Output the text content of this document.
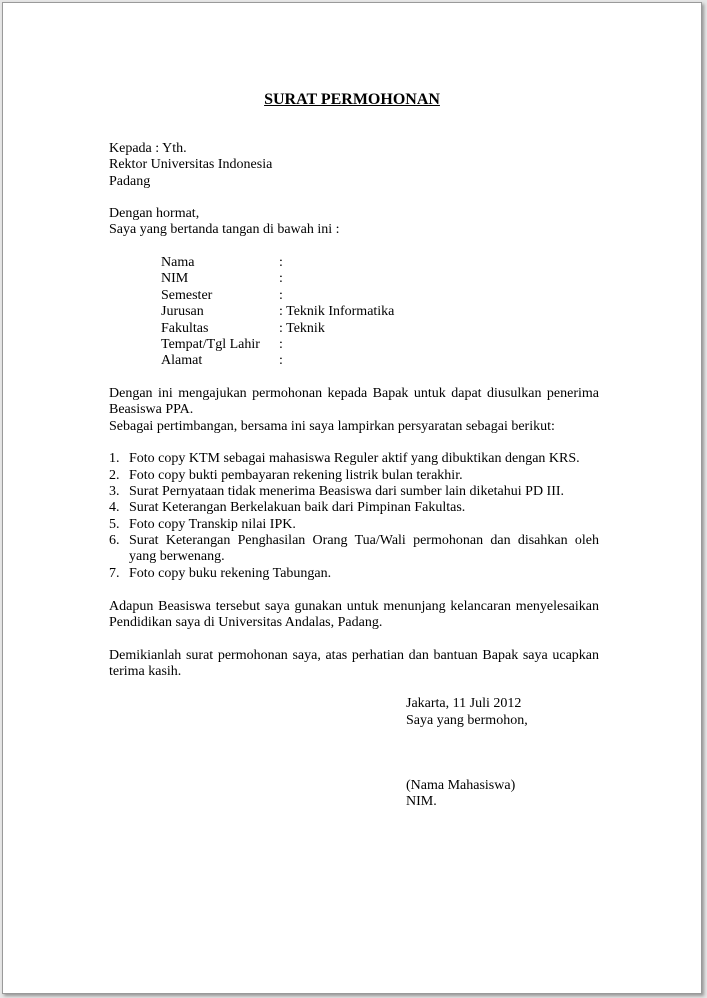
SURAT PERMOHONAN
Kepada : Yth.
Rektor Universitas Indonesia
Padang
Dengan hormat,
Saya yang bertanda tangan di bawah ini :
Nama	:
NIM	:
Semester	:
Jurusan	: Teknik Informatika
Fakultas	: Teknik
Tempat/Tgl Lahir :
Alamat	:
Dengan ini mengajukan permohonan kepada Bapak untuk dapat diusulkan penerima
Beasiswa PPA.
Sebagai pertimbangan, bersama ini saya lampirkan persyaratan sebagai berikut:
1. Foto copy KTM sebagai mahasiswa Reguler aktif yang dibuktikan dengan KRS.
2. Foto copy bukti pembayaran rekening listrik bulan terakhir.
3. Surat Pernyataan tidak menerima Beasiswa dari sumber lain diketahui PD III.
4. Surat Keterangan Berkelakuan baik dari Pimpinan Fakultas.
5. Foto copy Transkip nilai IPK.
6. Surat Keterangan Penghasilan Orang Tua/Wali permohonan dan disahkan oleh
yang berwenang.
7. Foto copy buku rekening Tabungan.
Adapun Beasiswa tersebut saya gunakan untuk menunjang kelancaran menyelesaikan
Pendidikan saya di Universitas Andalas, Padang.
Demikianlah surat permohonan saya, atas perhatian dan bantuan Bapak saya ucapkan
terima kasih.
Jakarta, 11 Juli 2012
Saya yang bermohon,
(Nama Mahasiswa)
NIM.
